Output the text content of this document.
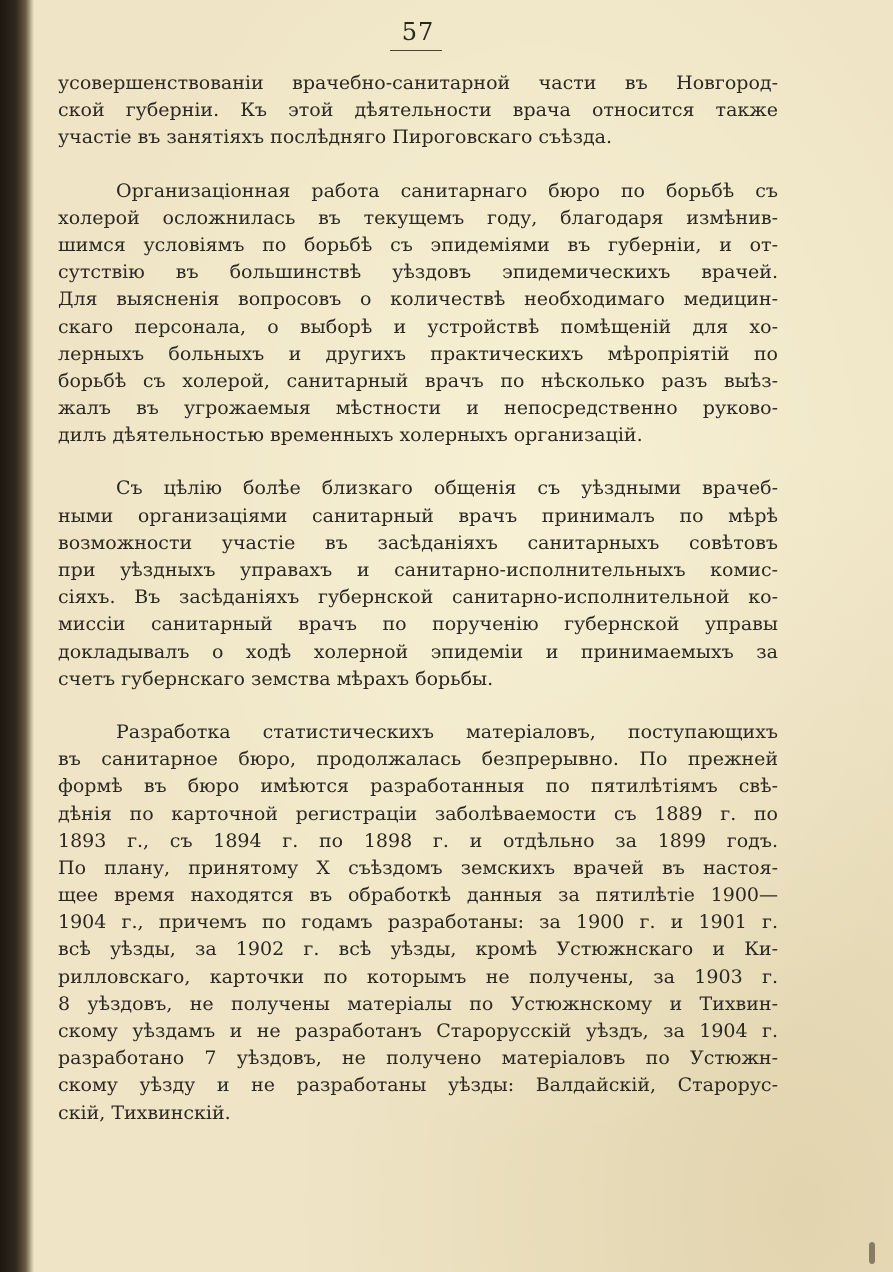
57
усовершенствованіи врачебно-санитарной части въ Новгород-
ской губерніи. Къ этой дѣятельности врача относится также
участіе въ занятіяхъ послѣдняго Пироговскаго съѣзда.
Организаціонная работа санитарнаго бюро по борьбѣ съ
холерой осложнилась въ текущемъ году, благодаря измѣнив-
шимся условіямъ по борьбѣ съ эпидеміями въ губерніи, и от-
сутствію въ большинствѣ уѣздовъ эпидемическихъ врачей.
Для выясненія вопросовъ о количествѣ необходимаго медицин-
скаго персонала, о выборѣ и устройствѣ помѣщеній для хо-
лерныхъ больныхъ и другихъ практическихъ мѣропріятій по
борьбѣ съ холерой, санитарный врачъ по нѣсколько разъ выѣз-
жалъ въ угрожаемыя мѣстности и непосредственно руково-
дилъ дѣятельностью временныхъ холерныхъ организацій.
Съ цѣлію болѣе близкаго общенія съ уѣздными врачеб-
ными организаціями санитарный врачъ принималъ по мѣрѣ
возможности участіе въ засѣданіяхъ санитарныхъ совѣтовъ
при уѣздныхъ управахъ и санитарно-исполнительныхъ комис-
сіяхъ. Въ засѣданіяхъ губернской санитарно-исполнительной ко-
миссіи санитарный врачъ по порученію губернской управы
докладывалъ о ходѣ холерной эпидеміи и принимаемыхъ за
счетъ губернскаго земства мѣрахъ борьбы.
Разработка статистическихъ матеріаловъ, поступающихъ
въ санитарное бюро, продолжалась безпрерывно. По прежней
формѣ въ бюро имѣются разработанныя по пятилѣтіямъ свѣ-
дѣнія по карточной регистраціи заболѣваемости съ 1889 г. по
1893 г., съ 1894 г. по 1898 г. и отдѣльно за 1899 годъ.
По плану, принятому X съѣздомъ земскихъ врачей въ настоя-
щее время находятся въ обработкѣ данныя за пятилѣтіе 1900—
1904 г., причемъ по годамъ разработаны: за 1900 г. и 1901 г.
всѣ уѣзды, за 1902 г. всѣ уѣзды, кромѣ Устюжнскаго и Ки-
рилловскаго, карточки по которымъ не получены, за 1903 г.
8 уѣздовъ, не получены матеріалы по Устюжнскому и Тихвин-
скому уѣздамъ и не разработанъ Старорусскій уѣздъ, за 1904 г.
разработано 7 уѣздовъ, не получено матеріаловъ по Устюжн-
скому уѣзду и не разработаны уѣзды: Валдайскій, Старорус-
скій, Тихвинскій.
